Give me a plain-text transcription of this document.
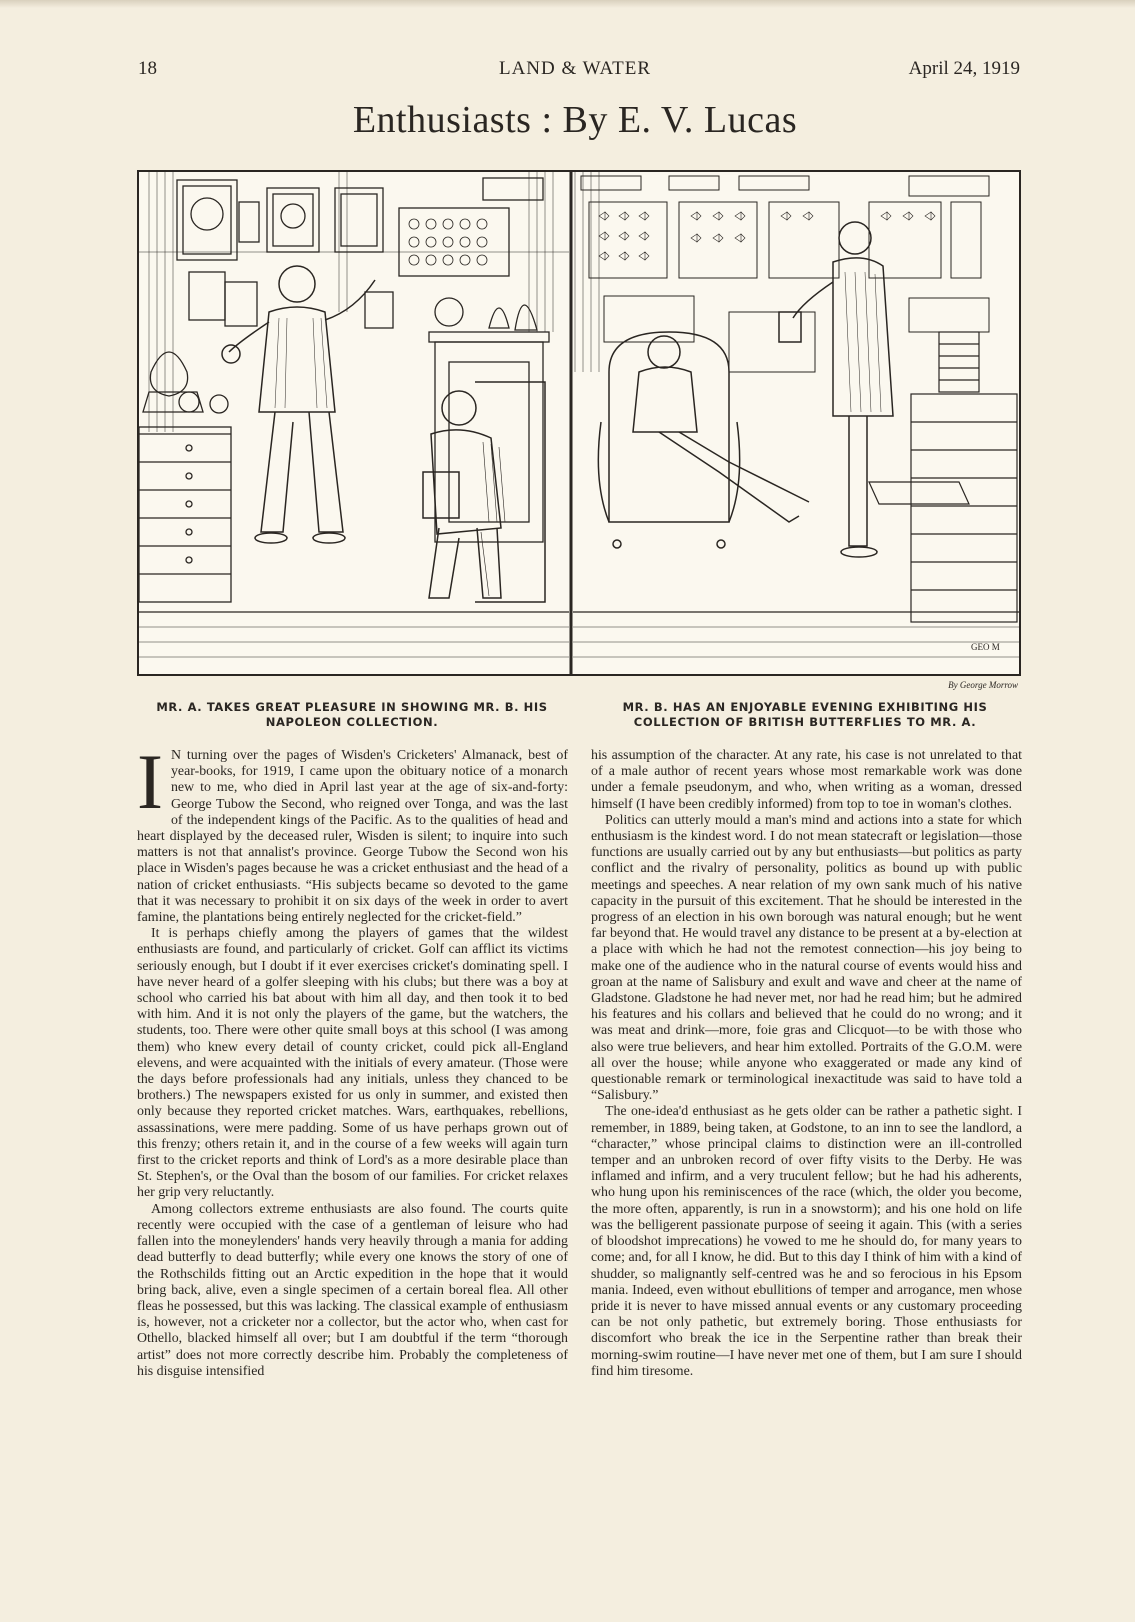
18	LAND & WATER	April 24, 1919
Enthusiasts : By E. V. Lucas
GEO M
By George Morrow
MR. A. TAKES GREAT PLEASURE IN SHOWING MR. B. HIS NAPOLEON COLLECTION.
MR. B. HAS AN ENJOYABLE EVENING EXHIBITING HIS COLLECTION OF BRITISH BUTTERFLIES TO MR. A.

I N turning over the pages of Wisden's Cricketers' Almanack, best of year-books, for 1919, I came upon the obituary notice of a monarch new to me, who died in April last year at the age of six-and-forty: George Tubow the Second, who reigned over Tonga, and was the last of the independent kings of the Pacific. As to the qualities of head and heart displayed by the deceased ruler, Wisden is silent; to inquire into such matters is not that annalist's province. George Tubow the Second won his place in Wisden's pages because he was a cricket enthusiast and the head of a nation of cricket enthusiasts. “His subjects became so devoted to the game that it was necessary to prohibit it on six days of the week in order to avert famine, the plantations being entirely neglected for the cricket-field.”

It is perhaps chiefly among the players of games that the wildest enthusiasts are found, and particularly of cricket. Golf can afflict its victims seriously enough, but I doubt if it ever exercises cricket's dominating spell. I have never heard of a golfer sleeping with his clubs; but there was a boy at school who carried his bat about with him all day, and then took it to bed with him. And it is not only the players of the game, but the watchers, the students, too. There were other quite small boys at this school (I was among them) who knew every detail of county cricket, could pick all-England elevens, and were acquainted with the initials of every amateur. (Those were the days before professionals had any initials, unless they chanced to be brothers.) The newspapers existed for us only in summer, and existed then only because they reported cricket matches. Wars, earthquakes, rebellions, assassinations, were mere padding. Some of us have perhaps grown out of this frenzy; others retain it, and in the course of a few weeks will again turn first to the cricket reports and think of Lord's as a more desirable place than St. Stephen's, or the Oval than the bosom of our families. For cricket relaxes her grip very reluctantly.

Among collectors extreme enthusiasts are also found. The courts quite recently were occupied with the case of a gentleman of leisure who had fallen into the moneylenders' hands very heavily through a mania for adding dead butterfly to dead butterfly; while every one knows the story of one of the Rothschilds fitting out an Arctic expedition in the hope that it would bring back, alive, even a single specimen of a certain boreal flea. All other fleas he possessed, but this was lacking. The classical example of enthusiasm is, however, not a cricketer nor a collector, but the actor who, when cast for Othello, blacked himself all over; but I am doubtful if the term “thorough artist” does not more correctly describe him. Probably the completeness of his disguise intensified

his assumption of the character. At any rate, his case is not unrelated to that of a male author of recent years whose most remarkable work was done under a female pseudonym, and who, when writing as a woman, dressed himself (I have been credibly informed) from top to toe in woman's clothes.

Politics can utterly mould a man's mind and actions into a state for which enthusiasm is the kindest word. I do not mean statecraft or legislation—those functions are usually carried out by any but enthusiasts—but politics as party conflict and the rivalry of personality, politics as bound up with public meetings and speeches. A near relation of my own sank much of his native capacity in the pursuit of this excitement. That he should be interested in the progress of an election in his own borough was natural enough; but he went far beyond that. He would travel any distance to be present at a by-election at a place with which he had not the remotest connection—his joy being to make one of the audience who in the natural course of events would hiss and groan at the name of Salisbury and exult and wave and cheer at the name of Gladstone. Gladstone he had never met, nor had he read him; but he admired his features and his collars and believed that he could do no wrong; and it was meat and drink—more, foie gras and Clicquot—to be with those who also were true believers, and hear him extolled. Portraits of the G.O.M. were all over the house; while anyone who exaggerated or made any kind of questionable remark or terminological inexactitude was said to have told a “Salisbury.”

The one-idea'd enthusiast as he gets older can be rather a pathetic sight. I remember, in 1889, being taken, at Godstone, to an inn to see the landlord, a “character,” whose principal claims to distinction were an ill-controlled temper and an unbroken record of over fifty visits to the Derby. He was inflamed and infirm, and a very truculent fellow; but he had his adherents, who hung upon his reminiscences of the race (which, the older you become, the more often, apparently, is run in a snowstorm); and his one hold on life was the belligerent passionate purpose of seeing it again. This (with a series of bloodshot imprecations) he vowed to me he should do, for many years to come; and, for all I know, he did. But to this day I think of him with a kind of shudder, so malignantly self-centred was he and so ferocious in his Epsom mania. Indeed, even without ebullitions of temper and arrogance, men whose pride it is never to have missed annual events or any customary proceeding can be not only pathetic, but extremely boring. Those enthusiasts for discomfort who break the ice in the Serpentine rather than break their morning-swim routine—I have never met one of them, but I am sure I should find him tiresome.
